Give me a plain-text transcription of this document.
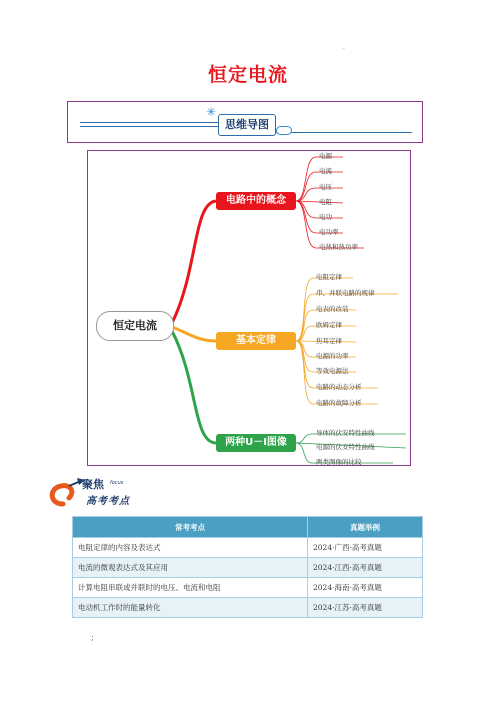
.
恒定电流
✳
思维导图
恒定电流
电路中的概念
基本定律
两种U－I图像
电源
电流
电压
电阻
电功
电功率
电热和热功率
电阻定律
串、并联电路的规律
电表的改装
欧姆定律
焦耳定律
电源的功率
等效电源法
电路的动态分析
电路的故障分析
导体的伏安特性曲线
电源的伏安特性曲线
两类图像的比较
聚焦 focus
高考考点
常考考点	真题举例
电阻定律的内容及表达式	2024·广西·高考真题
电流的微观表达式及其应用	2024·江西·高考真题
计算电阻串联或并联时的电压、电流和电阻	2024·海南·高考真题
电动机工作时的能量转化	2024·江苏·高考真题
;
